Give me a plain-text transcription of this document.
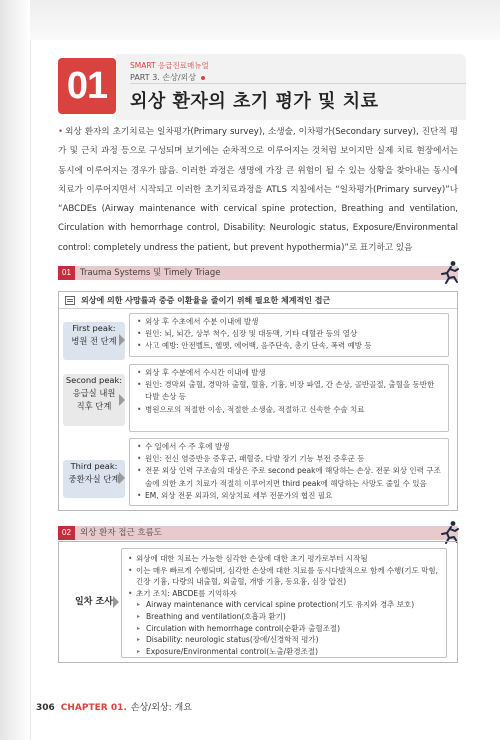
01	SMART 응급진료매뉴얼
PART 3. 손상/외상
외상 환자의 초기 평가 및 치료
• 외상 환자의 초기치료는 일차평가(Primary survey), 소생술, 이차평가(Secondary survey), 진단적 평가 및 근치 과정 등으로 구성되며 보기에는 순차적으로 이루어지는 것처럼 보이지만 실제 치료 현장에서는 동시에 이루어지는 경우가 많음. 이러한 과정은 생명에 가장 큰 위험이 될 수 있는 상황을 찾아내는 동시에 치료가 이루어지면서 시작되고 이러한 초기치료과정을 ATLS 지침에서는 “일차평가(Primary survey)”나 “ABCDEs (Airway maintenance with cervical spine protection, Breathing and ventilation, Circulation with hemorrhage control, Disability: Neurologic status, Exposure/Environmental control: completely undress the patient, but prevent hypothermia)”로 표기하고 있음
01	Trauma Systems 및 Timely Triage
외상에 의한 사망률과 중증 이환율을 줄이기 위해 필요한 체계적인 접근
First peak:
병원 전 단계
• 외상 후 수초에서 수분 이내에 발생
• 원인: 뇌, 뇌간, 상부 척수, 심장 및 대동맥, 기타 대혈관 등의 열상
• 사고 예방: 안전벨트, 헬멧, 에어백, 음주단속, 총기 단속, 폭력 예방 등
Second peak:
응급실 내원
직후 단계
• 외상 후 수분에서 수시간 이내에 발생
• 원인: 경막외 출혈, 경막하 출혈, 혈흉, 기흉, 비장 파열, 간 손상, 골반골절, 출혈을 동반한 다발 손상 등
• 병원으로의 적절한 이송, 적절한 소생술, 적절하고 신속한 수술 치료
Third peak:
중환자실 단계
• 수 일에서 수 주 후에 발생
• 원인: 전신 염증반응 증후군, 패혈증, 다발 장기 기능 부전 증후군 등
• 전문 외상 인력 구조술의 대상은 주로 second peak에 해당하는 손상. 전문 외상 인력 구조술에 의한 초기 치료가 적절히 이루어지면 third peak에 해당하는 사망도 줄일 수 있음
• EM, 외상 전문 외과의, 외상치료 세부 전문가의 협진 필요
02	외상 환자 접근 흐름도
일차 조사
• 외상에 대한 치료는 가능한 심각한 손상에 대한 초기 평가로부터 시작됨
• 이는 매우 빠르게 수행되며, 심각한 손상에 대한 치료를 동시다발적으로 함께 수행(기도 막힘, 긴장 기흉, 다량의 내출혈, 외출혈, 개방 기흉, 동요흉, 심장 압전)
• 초기 조치: ABCDE를 기억하자
▸ Airway maintenance with cervical spine protection(기도 유지와 경추 보호)
▸ Breathing and ventilation(호흡과 환기)
▸ Circulation with hemorrhage control(순환과 출혈조절)
▸ Disability: neurologic status(장애/신경학적 평가)
▸ Exposure/Environmental control(노출/환경조절)
306 CHAPTER 01. 손상/외상: 개요
